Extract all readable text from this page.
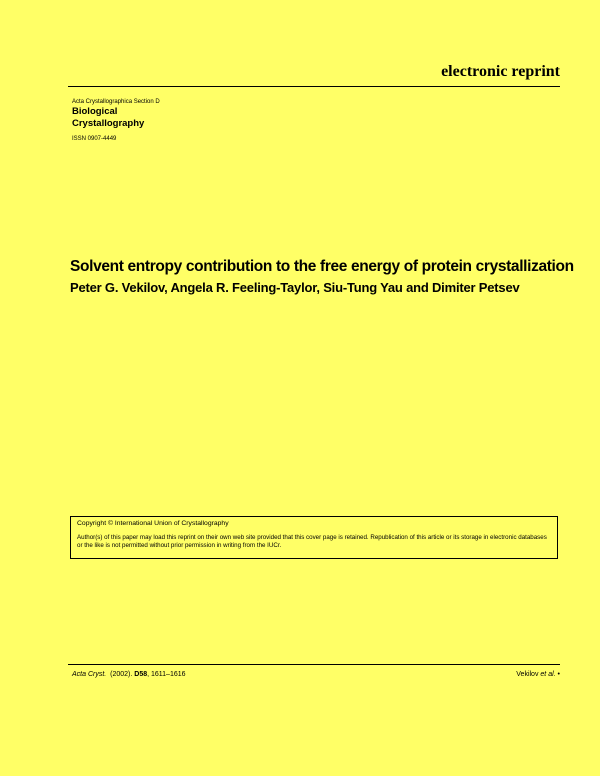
electronic reprint
Acta Crystallographica Section D
Biological
Crystallography
ISSN 0907-4449
Solvent entropy contribution to the free energy of protein crystallization
Peter G. Vekilov, Angela R. Feeling-Taylor, Siu-Tung Yau and Dimiter Petsev
Copyright © International Union of Crystallography
Author(s) of this paper may load this reprint on their own web site provided that this cover page is retained. Republication of this article or its storage in electronic databases or the like is not permitted without prior permission in writing from the IUCr.
Acta Cryst. (2002). D58, 1611–1616	Vekilov et al. •
